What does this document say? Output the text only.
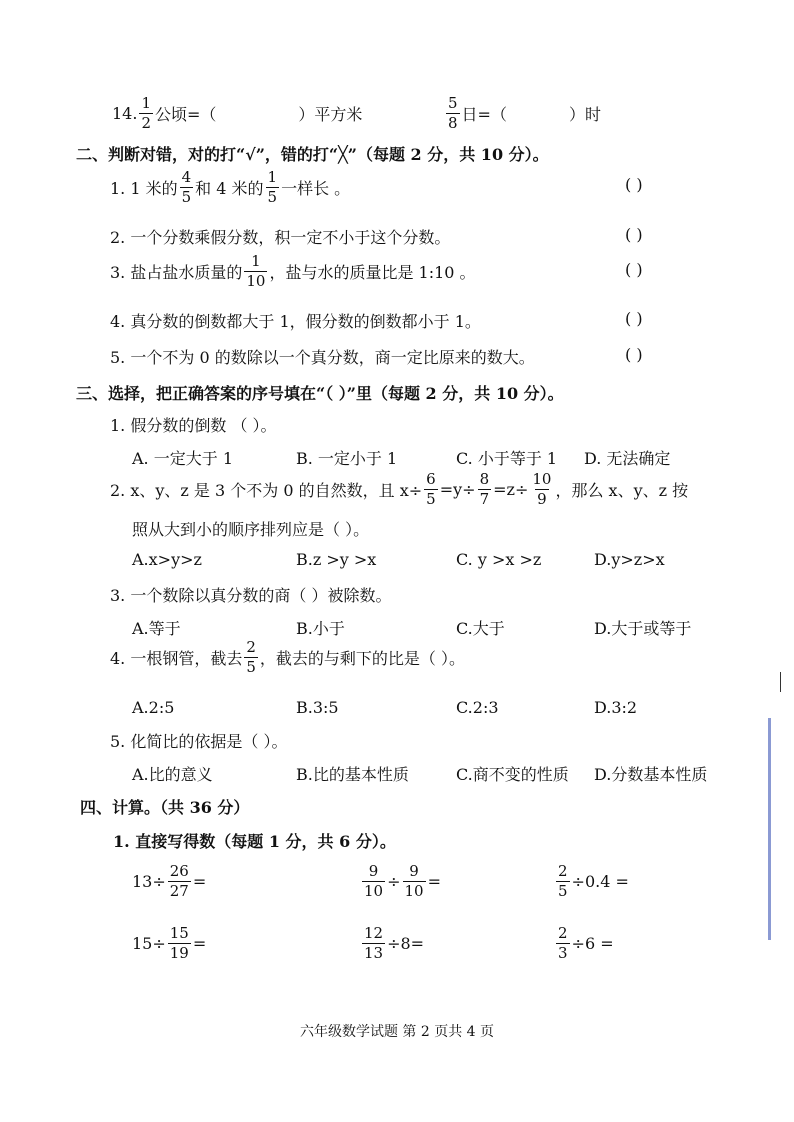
14. $\frac{1}{2}$ 公顷=（	）平方米	$\frac{5}{8}$ 日=（	）时
二、判断对错，对的打“√”，错的打“╳”（每题 2 分，共 10 分）。
1. 1 米的 $\frac{4}{5}$ 和 4 米的 $\frac{1}{5}$ 一样长 。	( )
2. 一个分数乘假分数，积一定不小于这个分数。	( )
3. 盐占盐水质量的 $\frac{1}{10}$ ，盐与水的质量比是 1:10 。	( )
4. 真分数的倒数都大于 1，假分数的倒数都小于 1。	( )
5. 一个不为 0 的数除以一个真分数，商一定比原来的数大。	( )
三、选择，把正确答案的序号填在“（ ）”里（每题 2 分，共 10 分）。
1. 假分数的倒数 （ ）。
A. 一定大于 1	B. 一定小于 1	C. 小于等于 1 D. 无法确定
2. x、y、z 是 3 个不为 0 的自然数，且 $x\div \frac{6}{5} =y\div \frac{8}{7} =z\div \frac{10}{9}$ ，那么 x、y、z 按
照从大到小的顺序排列应是（ ）。
A.x>y>z	B.z >y >x	C. y >x >z	D.y>z>x
3. 一个数除以真分数的商（ ）被除数。
A.等于	B.小于	C.大于	D.大于或等于
4. 一根钢管，截去 $\frac{2}{5}$ ，截去的与剩下的比是（ ）。
A.2:5	B.3:5	C.2:3	D.3:2
5. 化简比的依据是（ ）。
A.比的意义	B.比的基本性质	C.商不变的性质 D.分数基本性质
四、计算。（共 36 分）
1. 直接写得数（每题 1 分，共 6 分）。
$13\div \frac{26}{27}$ =	$\frac{9}{10} \div \frac{9}{10}$ =	$\frac{2}{5} \div 0.4$ =
$15\div \frac{15}{19}$ =	$\frac{12}{13} \div 8=$	$\frac{2}{3} \div 6$ =
六年级数学试题 第 2 页共 4 页
